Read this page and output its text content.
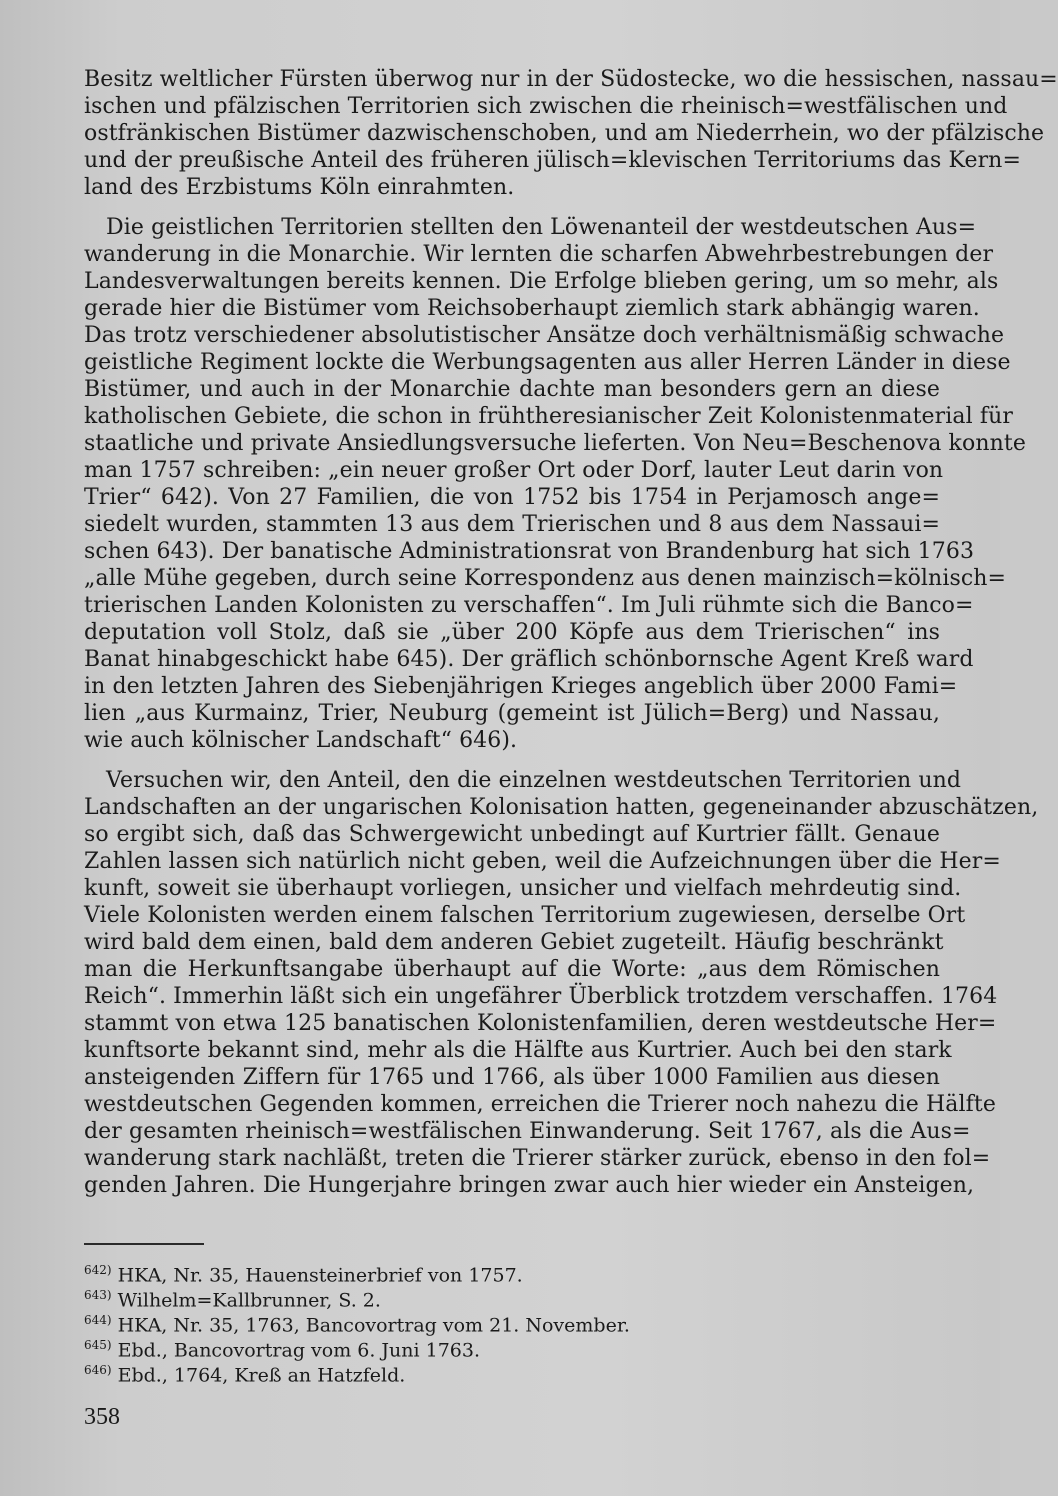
Besitz weltlicher Fürsten überwog nur in der Südostecke, wo die hessischen, nassau=
ischen und pfälzischen Territorien sich zwischen die rheinisch=westfälischen und
ostfränkischen Bistümer dazwischenschoben, und am Niederrhein, wo der pfälzische
und der preußische Anteil des früheren jülisch=klevischen Territoriums das Kern=
land des Erzbistums Köln einrahmten.
Die geistlichen Territorien stellten den Löwenanteil der westdeutschen Aus=
wanderung in die Monarchie. Wir lernten die scharfen Abwehrbestrebungen der
Landesverwaltungen bereits kennen. Die Erfolge blieben gering, um so mehr, als
gerade hier die Bistümer vom Reichsoberhaupt ziemlich stark abhängig waren.
Das trotz verschiedener absolutistischer Ansätze doch verhältnismäßig schwache
geistliche Regiment lockte die Werbungsagenten aus aller Herren Länder in diese
Bistümer, und auch in der Monarchie dachte man besonders gern an diese
katholischen Gebiete, die schon in frühtheresianischer Zeit Kolonistenmaterial für
staatliche und private Ansiedlungsversuche lieferten. Von Neu=Beschenova konnte
man 1757 schreiben: „ein neuer großer Ort oder Dorf, lauter Leut darin von
Trier“ 642). Von 27 Familien, die von 1752 bis 1754 in Perjamosch ange=
siedelt wurden, stammten 13 aus dem Trierischen und 8 aus dem Nassaui=
schen 643). Der banatische Administrationsrat von Brandenburg hat sich 1763
„alle Mühe gegeben, durch seine Korrespondenz aus denen mainzisch=kölnisch=
trierischen Landen Kolonisten zu verschaffen“. Im Juli rühmte sich die Banco=
deputation voll Stolz, daß sie „über 200 Köpfe aus dem Trierischen“ ins
Banat hinabgeschickt habe 645). Der gräflich schönbornsche Agent Kreß ward
in den letzten Jahren des Siebenjährigen Krieges angeblich über 2000 Fami=
lien „aus Kurmainz, Trier, Neuburg (gemeint ist Jülich=Berg) und Nassau,
wie auch kölnischer Landschaft“ 646).
Versuchen wir, den Anteil, den die einzelnen westdeutschen Territorien und
Landschaften an der ungarischen Kolonisation hatten, gegeneinander abzuschätzen,
so ergibt sich, daß das Schwergewicht unbedingt auf Kurtrier fällt. Genaue
Zahlen lassen sich natürlich nicht geben, weil die Aufzeichnungen über die Her=
kunft, soweit sie überhaupt vorliegen, unsicher und vielfach mehrdeutig sind.
Viele Kolonisten werden einem falschen Territorium zugewiesen, derselbe Ort
wird bald dem einen, bald dem anderen Gebiet zugeteilt. Häufig beschränkt
man die Herkunftsangabe überhaupt auf die Worte: „aus dem Römischen
Reich“. Immerhin läßt sich ein ungefährer Überblick trotzdem verschaffen. 1764
stammt von etwa 125 banatischen Kolonistenfamilien, deren westdeutsche Her=
kunftsorte bekannt sind, mehr als die Hälfte aus Kurtrier. Auch bei den stark
ansteigenden Ziffern für 1765 und 1766, als über 1000 Familien aus diesen
westdeutschen Gegenden kommen, erreichen die Trierer noch nahezu die Hälfte
der gesamten rheinisch=westfälischen Einwanderung. Seit 1767, als die Aus=
wanderung stark nachläßt, treten die Trierer stärker zurück, ebenso in den fol=
genden Jahren. Die Hungerjahre bringen zwar auch hier wieder ein Ansteigen,
$^{642)}$ HKA, Nr. 35, Hauensteinerbrief von 1757.
$^{643)}$ Wilhelm=Kallbrunner, S. 2.
$^{644)}$ HKA, Nr. 35, 1763, Bancovortrag vom 21. November.
$^{645)}$ Ebd., Bancovortrag vom 6. Juni 1763.
$^{646)}$ Ebd., 1764, Kreß an Hatzfeld.
358
